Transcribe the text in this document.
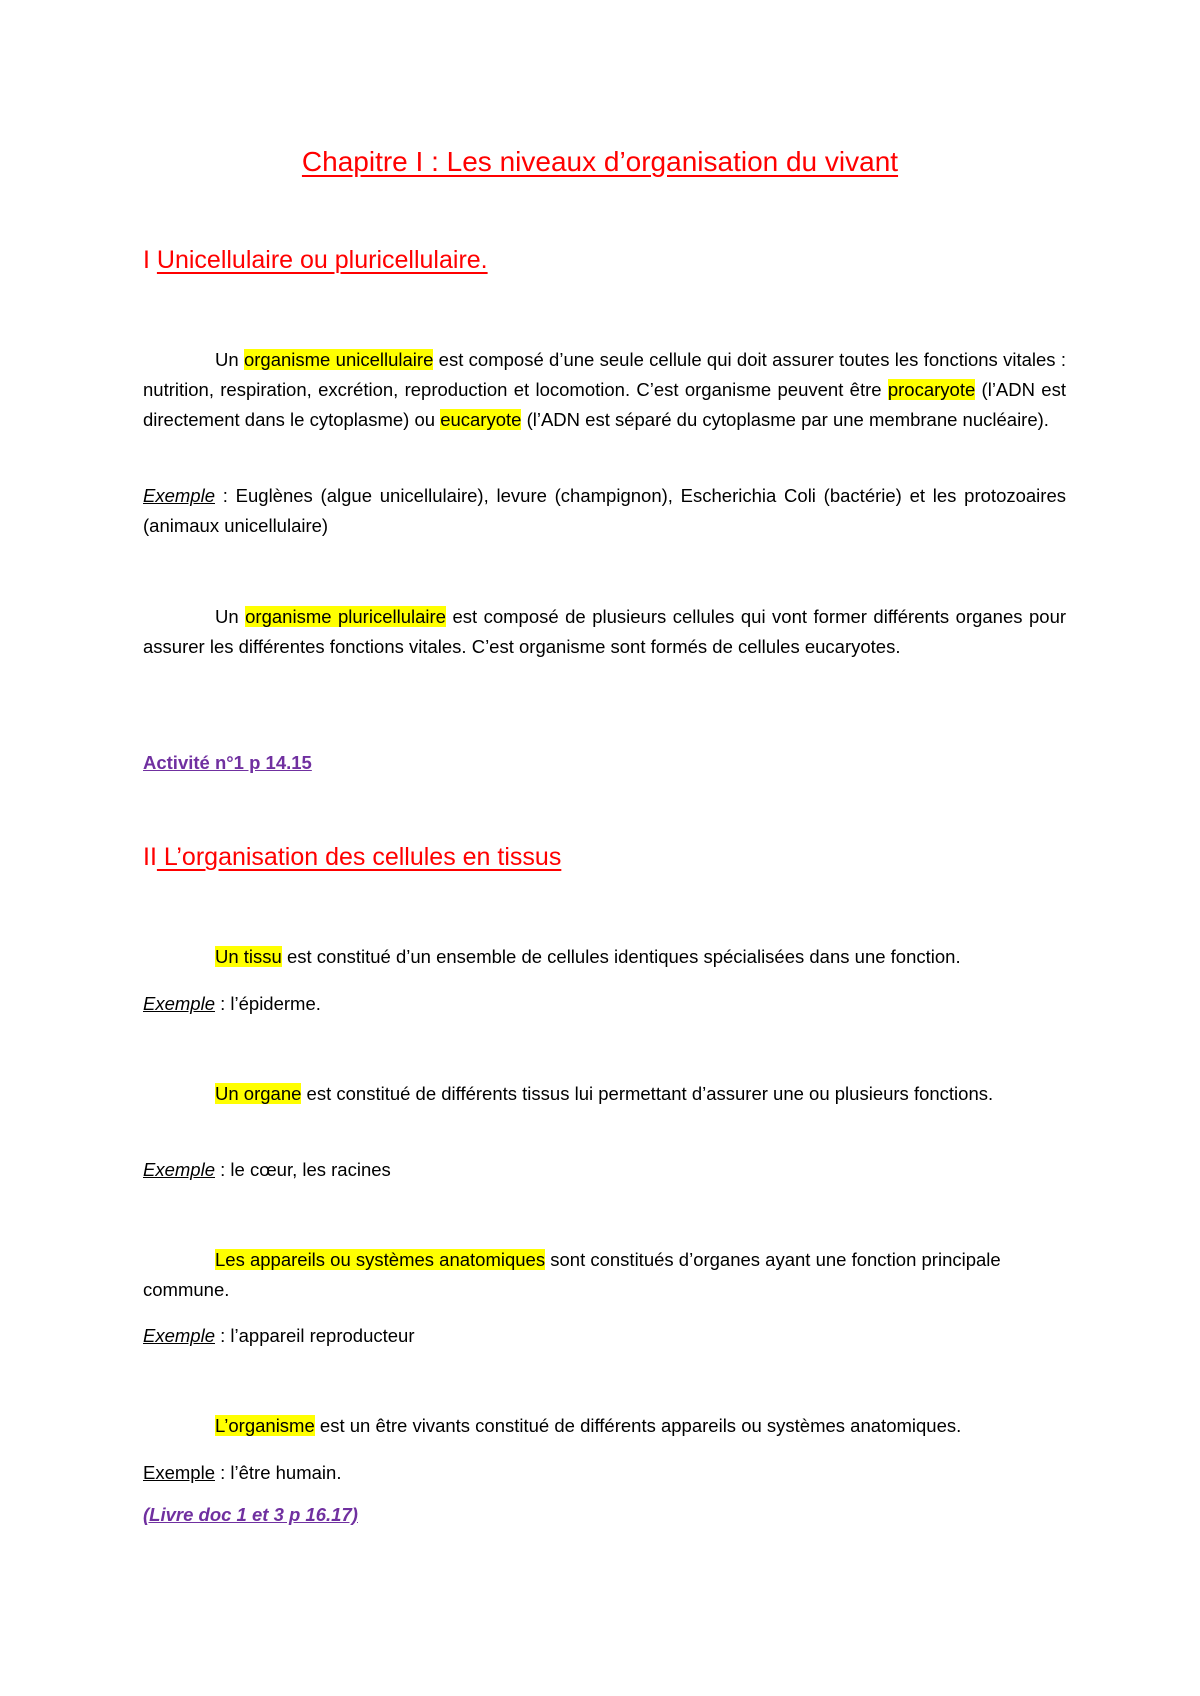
Chapitre I : Les niveaux d’organisation du vivant
I Unicellulaire ou pluricellulaire.
Un organisme unicellulaire est composé d’une seule cellule qui doit assurer toutes les fonctions vitales : nutrition, respiration, excrétion, reproduction et locomotion. C’est organisme peuvent être procaryote (l’ADN est directement dans le cytoplasme) ou eucaryote (l’ADN est séparé du cytoplasme par une membrane nucléaire).
Exemple : Euglènes (algue unicellulaire), levure (champignon), Escherichia Coli (bactérie) et les protozoaires (animaux unicellulaire)
Un organisme pluricellulaire est composé de plusieurs cellules qui vont former différents organes pour assurer les différentes fonctions vitales. C’est organisme sont formés de cellules eucaryotes.
Activité n°1 p 14.15
II L’organisation des cellules en tissus
Un tissu est constitué d’un ensemble de cellules identiques spécialisées dans une fonction.
Exemple : l’épiderme.
Un organe est constitué de différents tissus lui permettant d’assurer une ou plusieurs fonctions.
Exemple : le cœur, les racines
Les appareils ou systèmes anatomiques sont constitués d’organes ayant une fonction principale commune.
Exemple : l’appareil reproducteur
L’organisme est un être vivants constitué de différents appareils ou systèmes anatomiques.
Exemple : l’être humain.
(Livre doc 1 et 3 p 16.17)
